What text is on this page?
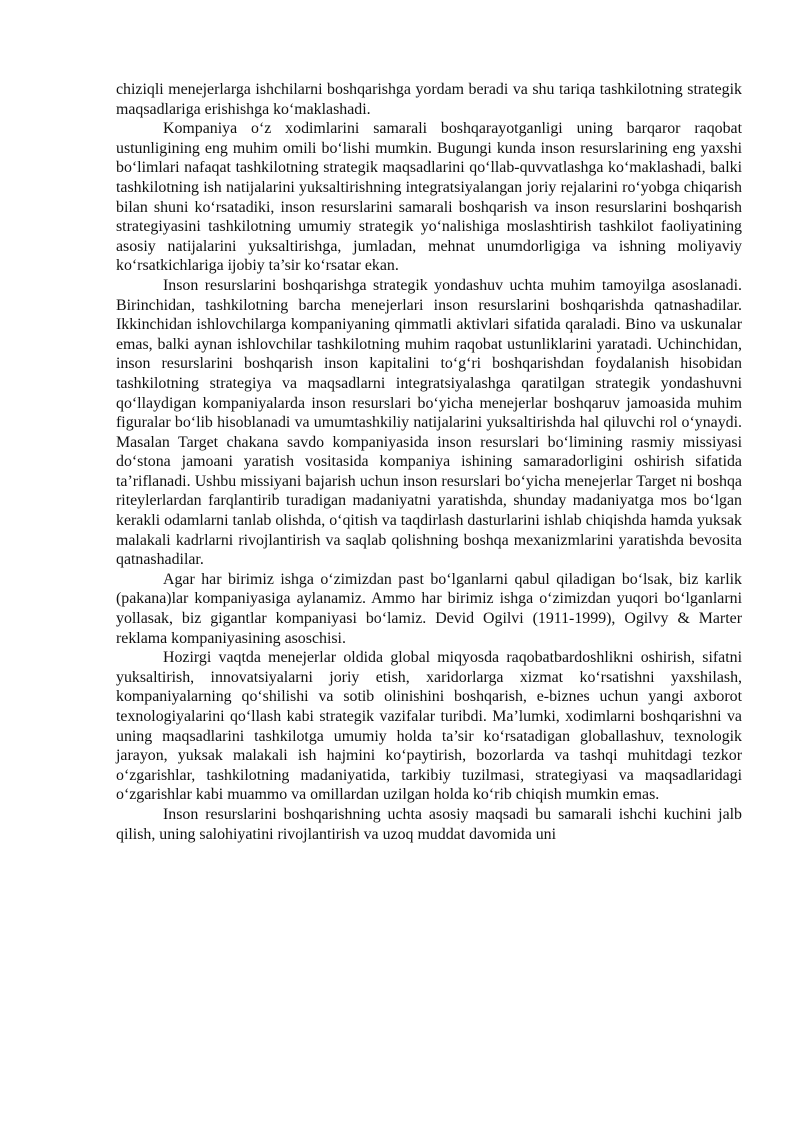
chiziqli menejerlarga ishchilarni boshqarishga yordam beradi va shu tariqa tashkilotning strategik maqsadlariga erishishga ko‘maklashadi.

Kompaniya o‘z xodimlarini samarali boshqarayotganligi uning barqaror raqobat ustunligining eng muhim omili bo‘lishi mumkin. Bugungi kunda inson resurslarining eng yaxshi bo‘limlari nafaqat tashkilotning strategik maqsadlarini qo‘llab-quvvatlashga ko‘maklashadi, balki tashkilotning ish natijalarini yuksaltirishning integratsiyalangan joriy rejalarini ro‘yobga chiqarish bilan shuni ko‘rsatadiki, inson resurslarini samarali boshqarish va inson resurslarini boshqarish strategiyasini tashkilotning umumiy strategik yo‘nalishiga moslashtirish tashkilot faoliyatining asosiy natijalarini yuksaltirishga, jumladan, mehnat unumdorligiga va ishning moliyaviy ko‘rsatkichlariga ijobiy ta’sir ko‘rsatar ekan.

Inson resurslarini boshqarishga strategik yondashuv uchta muhim tamoyilga asoslanadi. Birinchidan, tashkilotning barcha menejerlari inson resurslarini boshqarishda qatnashadilar. Ikkinchidan ishlovchilarga kompaniyaning qimmatli aktivlari sifatida qaraladi. Bino va uskunalar emas, balki aynan ishlovchilar tashkilotning muhim raqobat ustunliklarini yaratadi. Uchinchidan, inson resurslarini boshqarish inson kapitalini to‘g‘ri boshqarishdan foydalanish hisobidan tashkilotning strategiya va maqsadlarni integratsiyalashga qaratilgan strategik yondashuvni qo‘llaydigan kompaniyalarda inson resurslari bo‘yicha menejerlar boshqaruv jamoasida muhim figuralar bo‘lib hisoblanadi va umumtashkiliy natijalarini yuksaltirishda hal qiluvchi rol o‘ynaydi. Masalan Target chakana savdo kompaniyasida inson resurslari bo‘limining rasmiy missiyasi do‘stona jamoani yaratish vositasida kompaniya ishining samaradorligini oshirish sifatida ta’riflanadi. Ushbu missiyani bajarish uchun inson resurslari bo‘yicha menejerlar Target ni boshqa riteylerlardan farqlantirib turadigan madaniyatni yaratishda, shunday madaniyatga mos bo‘lgan kerakli odamlarni tanlab olishda, o‘qitish va taqdirlash dasturlarini ishlab chiqishda hamda yuksak malakali kadrlarni rivojlantirish va saqlab qolishning boshqa mexanizmlarini yaratishda bevosita qatnashadilar.

Agar har birimiz ishga o‘zimizdan past bo‘lganlarni qabul qiladigan bo‘lsak, biz karlik (pakana)lar kompaniyasiga aylanamiz. Ammo har birimiz ishga o‘zimizdan yuqori bo‘lganlarni yollasak, biz gigantlar kompaniyasi bo‘lamiz. Devid Ogilvi (1911-1999), Ogilvy & Marter reklama kompaniyasining asoschisi.

Hozirgi vaqtda menejerlar oldida global miqyosda raqobatbardoshlikni oshirish, sifatni yuksaltirish, innovatsiyalarni joriy etish, xaridorlarga xizmat ko‘rsatishni yaxshilash, kompaniyalarning qo‘shilishi va sotib olinishini boshqarish, e-biznes uchun yangi axborot texnologiyalarini qo‘llash kabi strategik vazifalar turibdi. Ma’lumki, xodimlarni boshqarishni va uning maqsadlarini tashkilotga umumiy holda ta’sir ko‘rsatadigan globallashuv, texnologik jarayon, yuksak malakali ish hajmini ko‘paytirish, bozorlarda va tashqi muhitdagi tezkor o‘zgarishlar, tashkilotning madaniyatida, tarkibiy tuzilmasi, strategiyasi va maqsadlaridagi o‘zgarishlar kabi muammo va omillardan uzilgan holda ko‘rib chiqish mumkin emas.

Inson resurslarini boshqarishning uchta asosiy maqsadi bu samarali ishchi kuchini jalb qilish, uning salohiyatini rivojlantirish va uzoq muddat davomida uni
